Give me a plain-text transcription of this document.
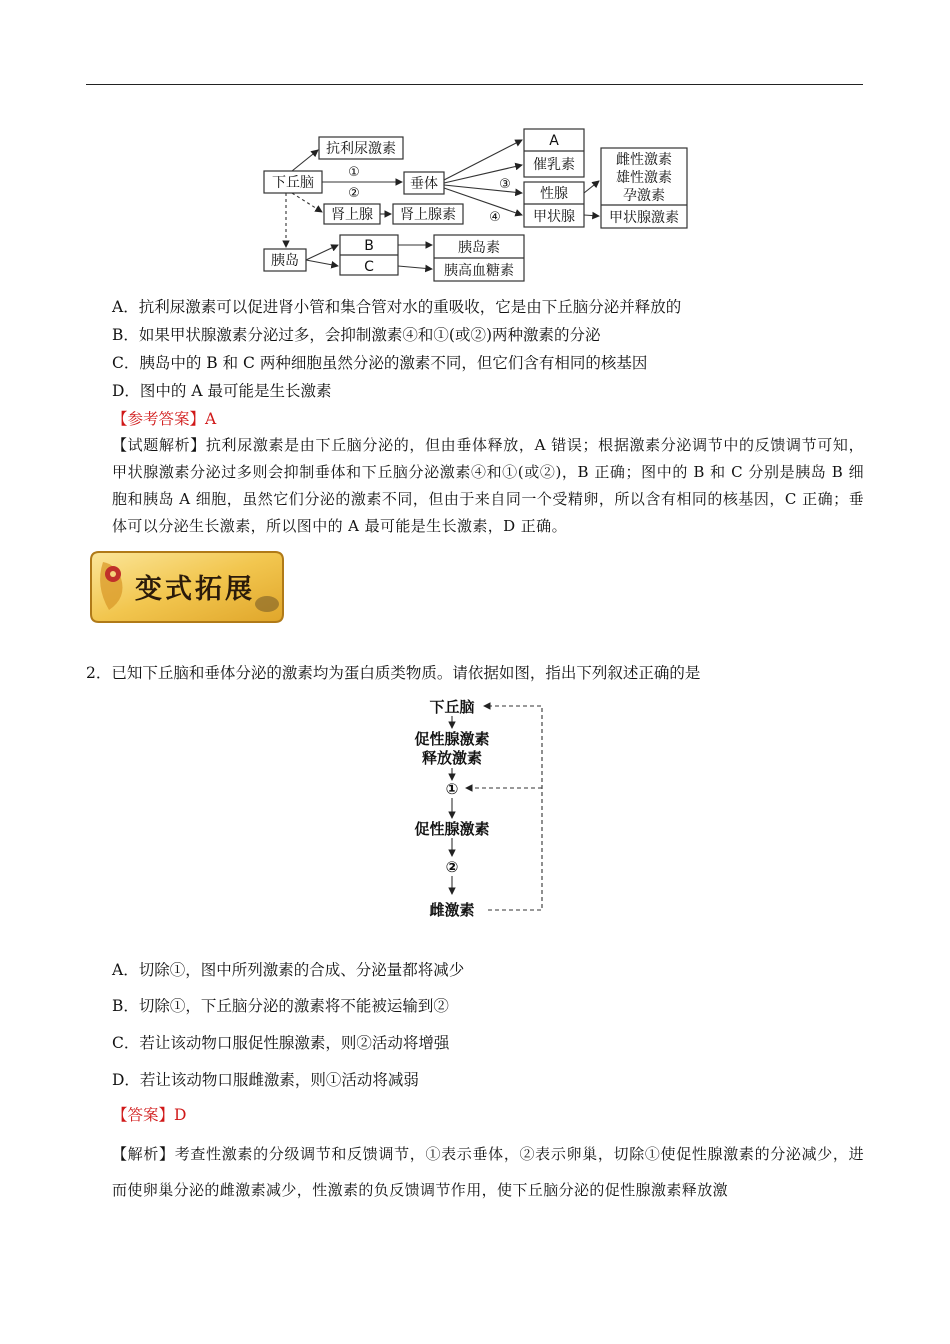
下丘脑
抗利尿激素
垂体
肾上腺 肾上腺素
胰岛
B
C
胰岛素
胰高血糖素
A
催乳素
性腺
甲状腺
雌性激素
雄性激素
孕激素
甲状腺激素
①
②
③
④
A．抗利尿激素可以促进肾小管和集合管对水的重吸收，它是由下丘脑分泌并释放的
B．如果甲状腺激素分泌过多，会抑制激素④和①(或②)两种激素的分泌
C．胰岛中的 B 和 C 两种细胞虽然分泌的激素不同，但它们含有相同的核基因
D．图中的 A 最可能是生长激素
【参考答案】A
【试题解析】抗利尿激素是由下丘脑分泌的，但由垂体释放，A 错误；根据激素分泌调节中的反馈调节可知，甲状腺激素分泌过多则会抑制垂体和下丘脑分泌激素④和①(或②)，B 正确；图中的 B 和 C 分别是胰岛 B 细胞和胰岛 A 细胞，虽然它们分泌的激素不同，但由于来自同一个受精卵，所以含有相同的核基因，C 正确；垂体可以分泌生长激素，所以图中的 A 最可能是生长激素，D 正确。
变式拓展
2．已知下丘脑和垂体分泌的激素均为蛋白质类物质。请依据如图，指出下列叙述正确的是
下丘脑
促性腺激素
释放激素
①
促性腺激素
②
雌激素
A．切除①，图中所列激素的合成、分泌量都将减少
B．切除①，下丘脑分泌的激素将不能被运输到②
C．若让该动物口服促性腺激素，则②活动将增强
D．若让该动物口服雌激素，则①活动将减弱
【答案】D
【解析】考查性激素的分级调节和反馈调节，①表示垂体，②表示卵巢，切除①使促性腺激素的分泌减少，进而使卵巢分泌的雌激素减少，性激素的负反馈调节作用，使下丘脑分泌的促性腺激素释放激
